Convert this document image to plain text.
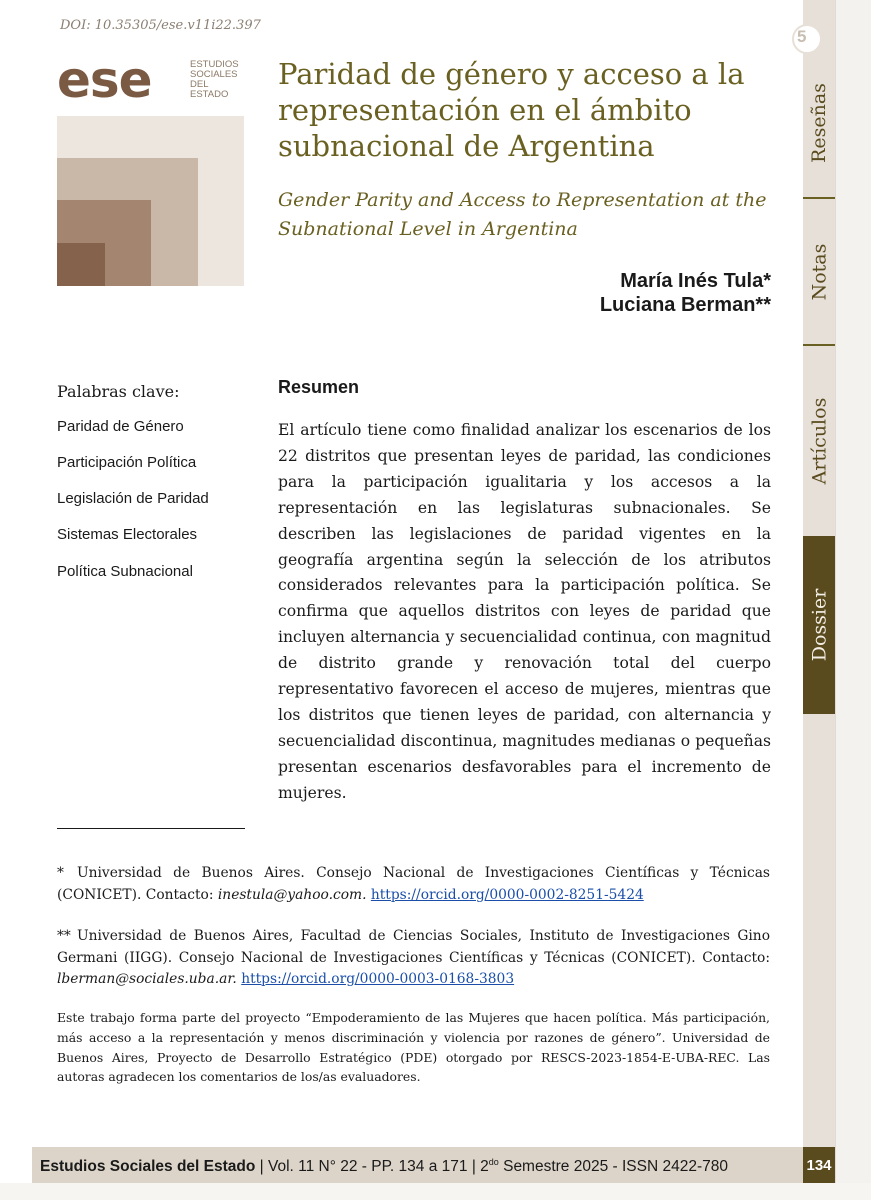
DOI: 10.35305/ese.v11i22.397
ese	ESTUDIOS
SOCIALES
DEL
ESTADO
Paridad de género y acceso a la representación en el ámbito subnacional de Argentina
Gender Parity and Access to Representation at the Subnational Level in Argentina
María Inés Tula*
Luciana Berman**
Palabras clave:
Paridad de Género
Participación Política
Legislación de Paridad
Sistemas Electorales
Política Subnacional
Resumen
El artículo tiene como finalidad analizar los escenarios de los 22 distritos que presentan leyes de paridad, las condiciones para la participación igualitaria y los accesos a la representación en las legislaturas subnacionales. Se describen las legislaciones de paridad vigentes en la geografía argentina según la selección de los atributos considerados relevantes para la participación política. Se confirma que aquellos distritos con leyes de paridad que incluyen alternancia y secuencialidad continua, con magnitud de distrito grande y renovación total del cuerpo representativo favorecen el acceso de mujeres, mientras que los distritos que tienen leyes de paridad, con alternancia y secuencialidad discontinua, magnitudes medianas o pequeñas presentan escenarios desfavorables para el incremento de mujeres.
* Universidad de Buenos Aires. Consejo Nacional de Investigaciones Científicas y Técnicas (CONICET). Contacto: inestula@yahoo.com. https://orcid.org/0000-0002-8251-5424
** Universidad de Buenos Aires, Facultad de Ciencias Sociales, Instituto de Investigaciones Gino Germani (IIGG). Consejo Nacional de Investigaciones Científicas y Técnicas (CONICET). Contacto: lberman@sociales.uba.ar. https://orcid.org/0000-0003-0168-3803
Este trabajo forma parte del proyecto “Empoderamiento de las Mujeres que hacen política. Más participación, más acceso a la representación y menos discriminación y violencia por razones de género”. Universidad de Buenos Aires, Proyecto de Desarrollo Estratégico (PDE) otorgado por RESCS-2023-1854-E-UBA-REC. Las autoras agradecen los comentarios de los/as evaluadores.
Reseñas
Notas
Artículos
Dossier
5
Estudios Sociales del Estado | Vol. 11 N° 22 - PP. 134 a 171 | $2^{do}$ Semestre 2025 - ISSN 2422-780	134
